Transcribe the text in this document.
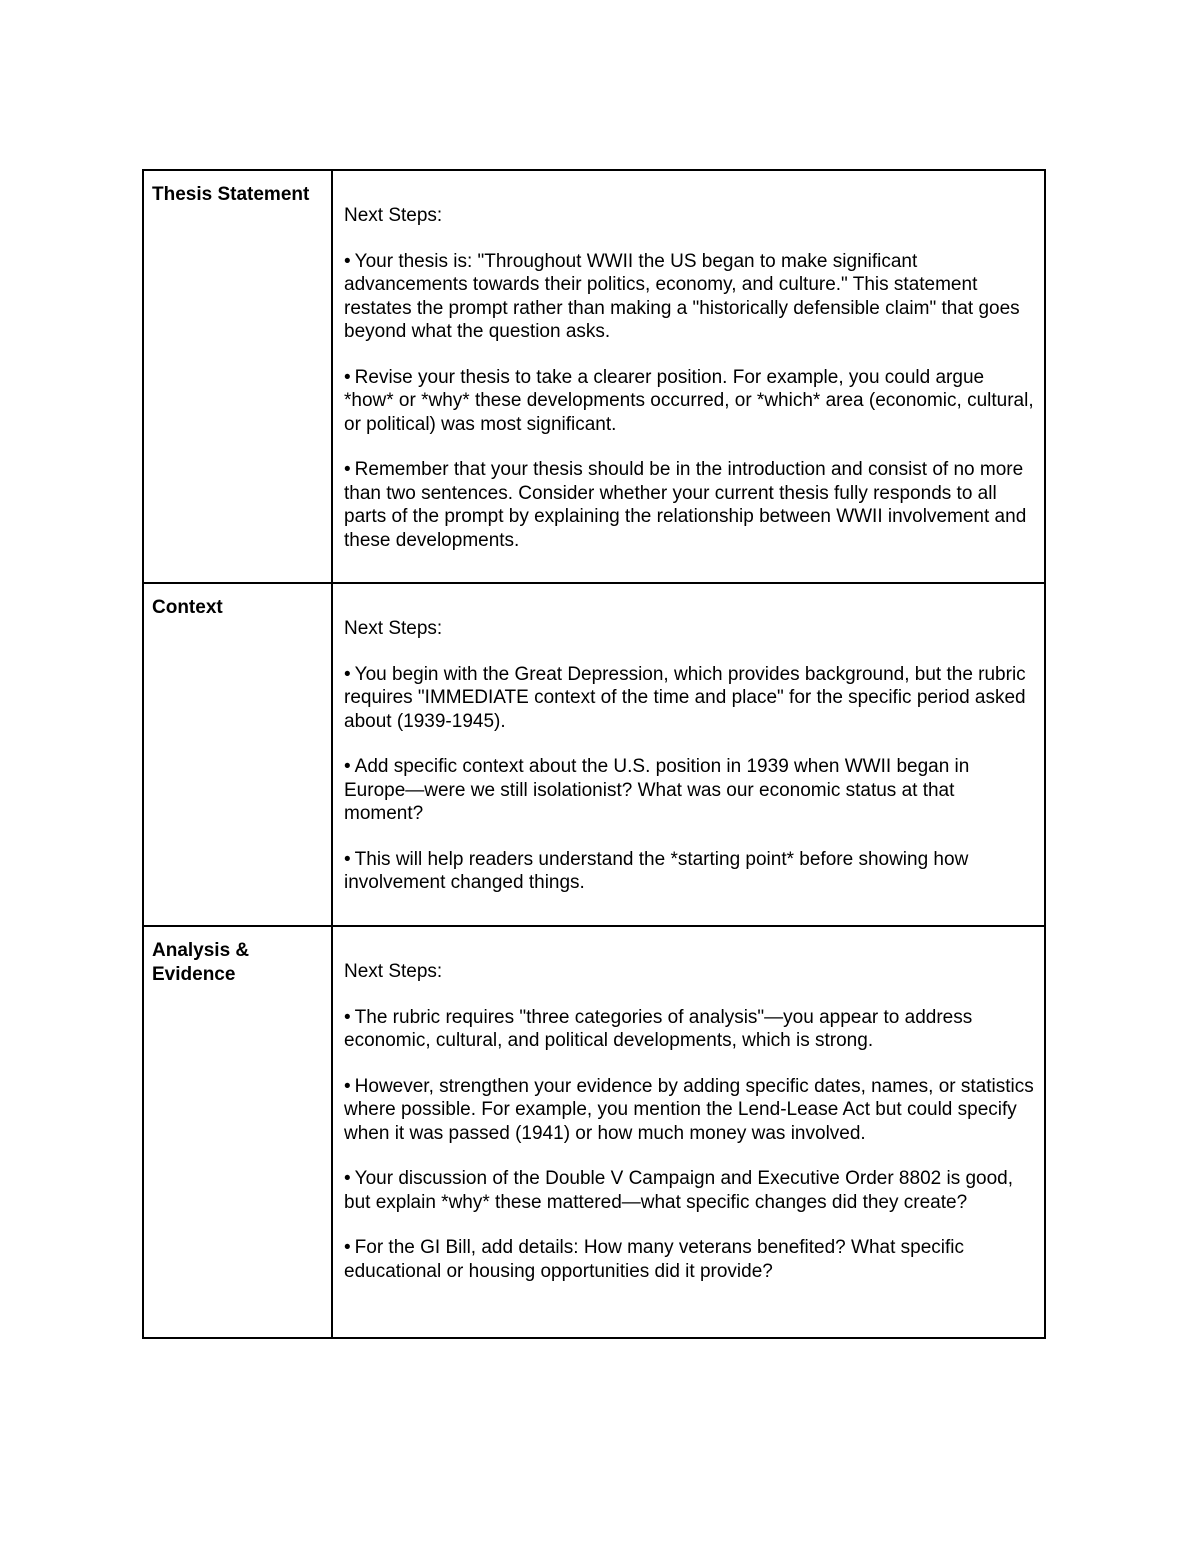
Thesis Statement	Next Steps:
• Your thesis is: "Throughout WWII the US began to make significant advancements towards their politics, economy, and culture." This statement restates the prompt rather than making a "historically defensible claim" that goes beyond what the question asks.
• Revise your thesis to take a clearer position. For example, you could argue *how* or *why* these developments occurred, or *which* area (economic, cultural, or political) was most significant.
• Remember that your thesis should be in the introduction and consist of no more than two sentences. Consider whether your current thesis fully responds to all parts of the prompt by explaining the relationship between WWII involvement and these developments.

Context	Next Steps:
• You begin with the Great Depression, which provides background, but the rubric requires "IMMEDIATE context of the time and place" for the specific period asked about (1939-1945).
• Add specific context about the U.S. position in 1939 when WWII began in Europe—were we still isolationist? What was our economic status at that moment?
• This will help readers understand the *starting point* before showing how involvement changed things.

Analysis & Evidence	Next Steps:
• The rubric requires "three categories of analysis"—you appear to address economic, cultural, and political developments, which is strong.
• However, strengthen your evidence by adding specific dates, names, or statistics where possible. For example, you mention the Lend-Lease Act but could specify when it was passed (1941) or how much money was involved.
• Your discussion of the Double V Campaign and Executive Order 8802 is good, but explain *why* these mattered—what specific changes did they create?
• For the GI Bill, add details: How many veterans benefited? What specific educational or housing opportunities did it provide?
